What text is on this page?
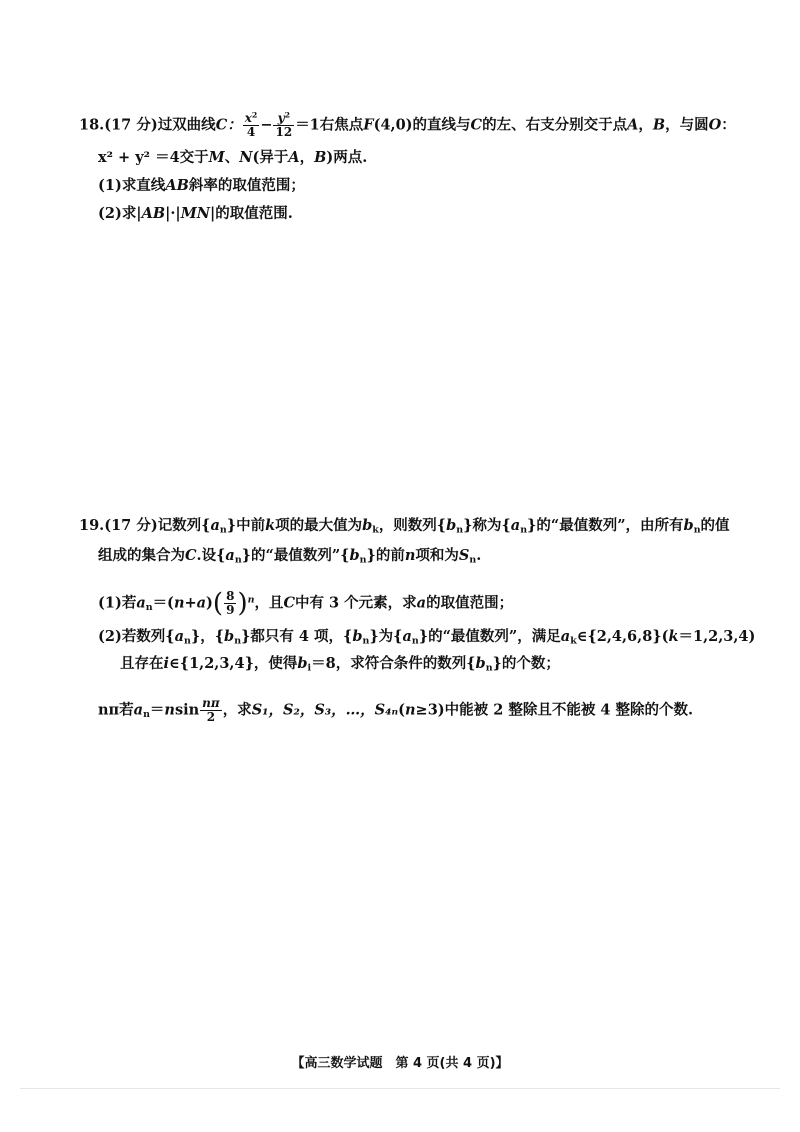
18.(17 分)过双曲线C： $\frac{x^2}{4} - \frac{y^2}{12} =1$右焦点F(4,0)的直线与C的左、右支分别交于点A，B，与圆O：
x² + y² ＝4交于M、N(异于A，B)两点.
(1)求直线AB斜率的取值范围；
(2)求|AB|·|MN|的取值范围.
19.(17 分)记数列$\{a_n\}$中前k项的最大值为$b_k$，则数列$\{b_n\}$称为$\{a_n\}$的“最值数列”，由所有$b_n$的值
组成的集合为C.设$\{a_n\}$的“最值数列$”\{b_n\}$的前n项和为$S_n$.
(1)若$a_n=(n+a)( \frac{8}{9} )^n$，且C中有 3 个元素，求a的取值范围；
(2)若数列$\{a_n\}$，$\{b_n\}$都只有 4 项，$\{b_n\}$为$\{a_n\}$的“最值数列”，满足$a_k\in\{2,4,6,8\}(k=1,2,3,4)$
且存在i∈{1,2,3,4}，使得$b_i=8$，求符合条件的数列$\{b_n\}$的个数；
nπ若$a_n=nsin \frac{n\pi}{2}$ ，求S₁，S₂，S₃，…，S₄ₙ(n≥3)中能被 2 整除且不能被 4 整除的个数.
【高三数学试题　第 4 页(共 4 页)】
